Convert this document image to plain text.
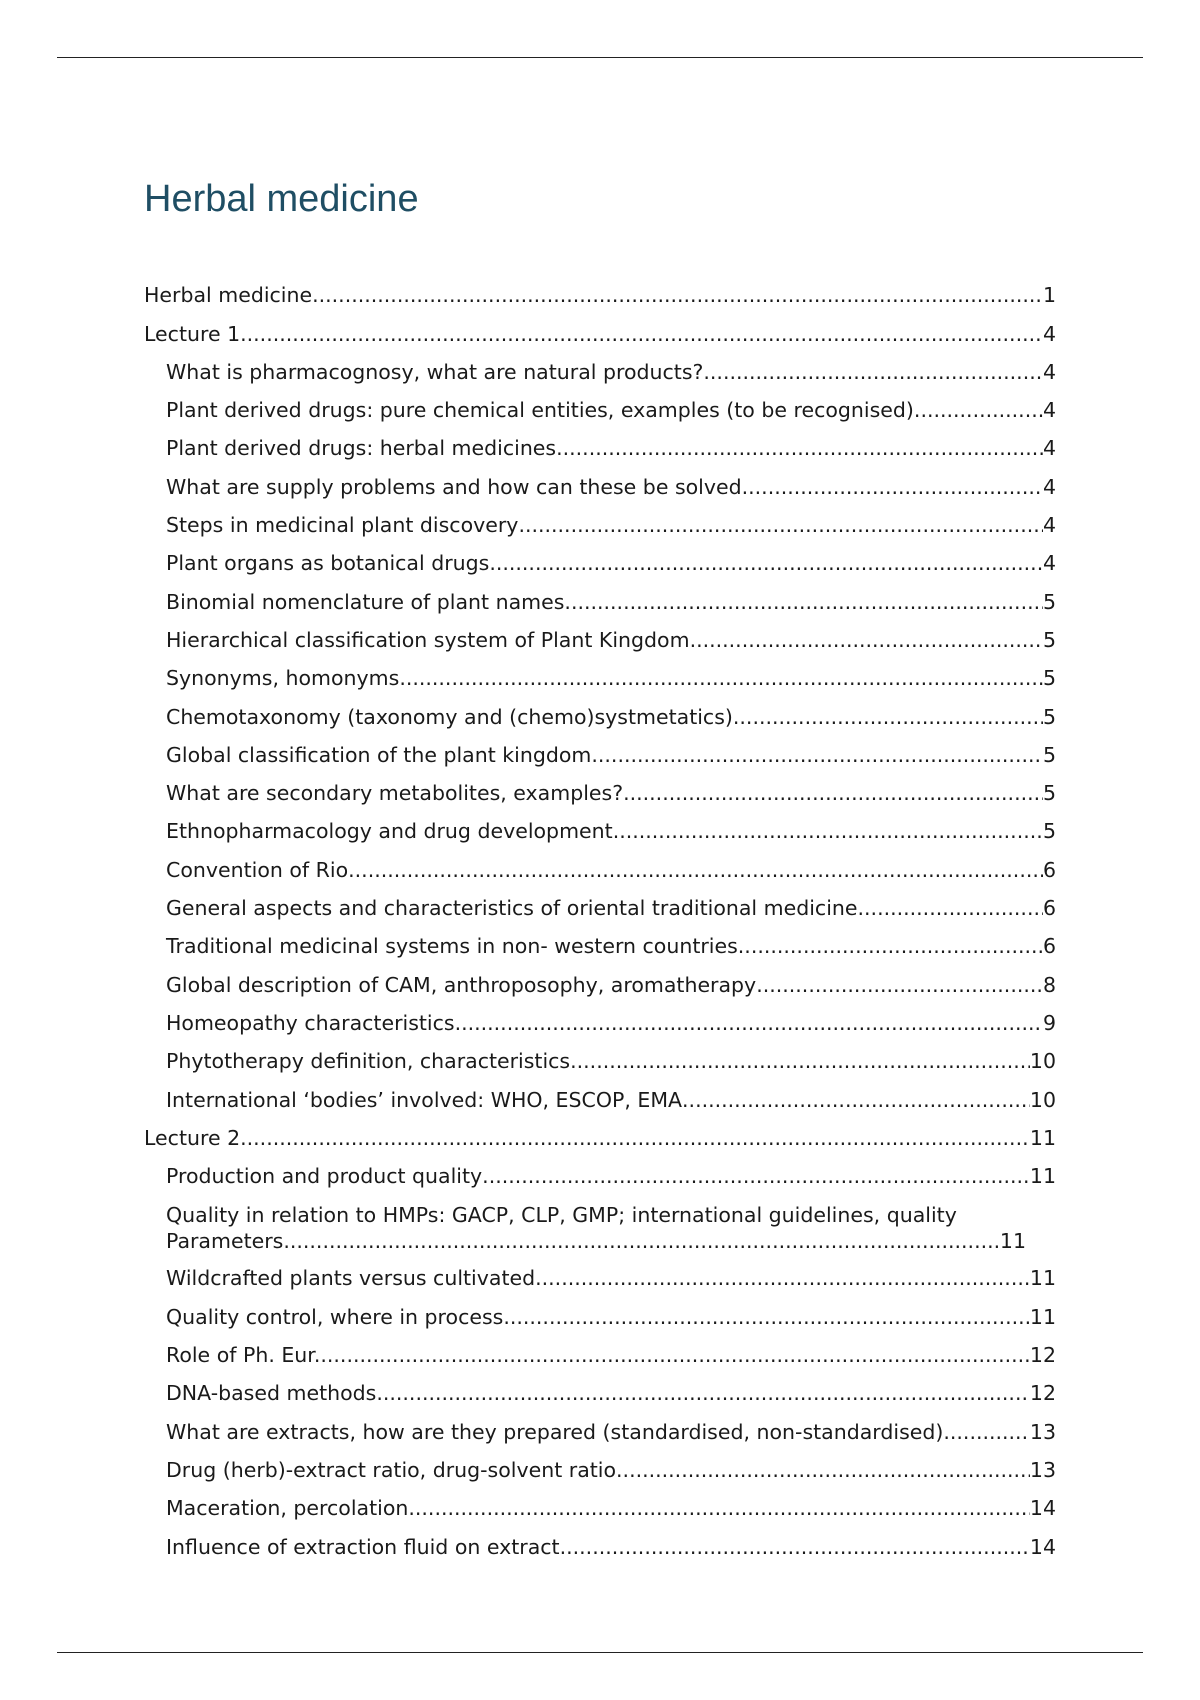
Herbal medicine
Herbal medicine .....	1
Lecture 1 .....	4
What is pharmacognosy, what are natural products? .....	4
Plant derived drugs: pure chemical entities, examples (to be recognised) .....	4
Plant derived drugs: herbal medicines .....	4
What are supply problems and how can these be solved .....	4
Steps in medicinal plant discovery .....	4
Plant organs as botanical drugs .....	4
Binomial nomenclature of plant names .....	5
Hierarchical classification system of Plant Kingdom .....	5
Synonyms, homonyms .....	5
Chemotaxonomy (taxonomy and (chemo)systmetatics) .....	5
Global classification of the plant kingdom .....	5
What are secondary metabolites, examples? .....	5
Ethnopharmacology and drug development .....	5
Convention of Rio .....	6
General aspects and characteristics of oriental traditional medicine .....	6
Traditional medicinal systems in non- western countries .....	6
Global description of CAM, anthroposophy, aromatherapy .....	8
Homeopathy characteristics .....	9
Phytotherapy definition, characteristics .....	10
International ‘bodies’ involved: WHO, ESCOP, EMA .....	10
Lecture 2 .....	11
Production and product quality .....	11
Quality in relation to HMPs: GACP, CLP, GMP; international guidelines, quality
Parameters .....	11
Wildcrafted plants versus cultivated .....	11
Quality control, where in process .....	11
Role of Ph. Eur. .....	12
DNA-based methods .....	12
What are extracts, how are they prepared (standardised, non-standardised) .....	13
Drug (herb)-extract ratio, drug-solvent ratio .....	13
Maceration, percolation .....	14
Influence of extraction fluid on extract .....	14
